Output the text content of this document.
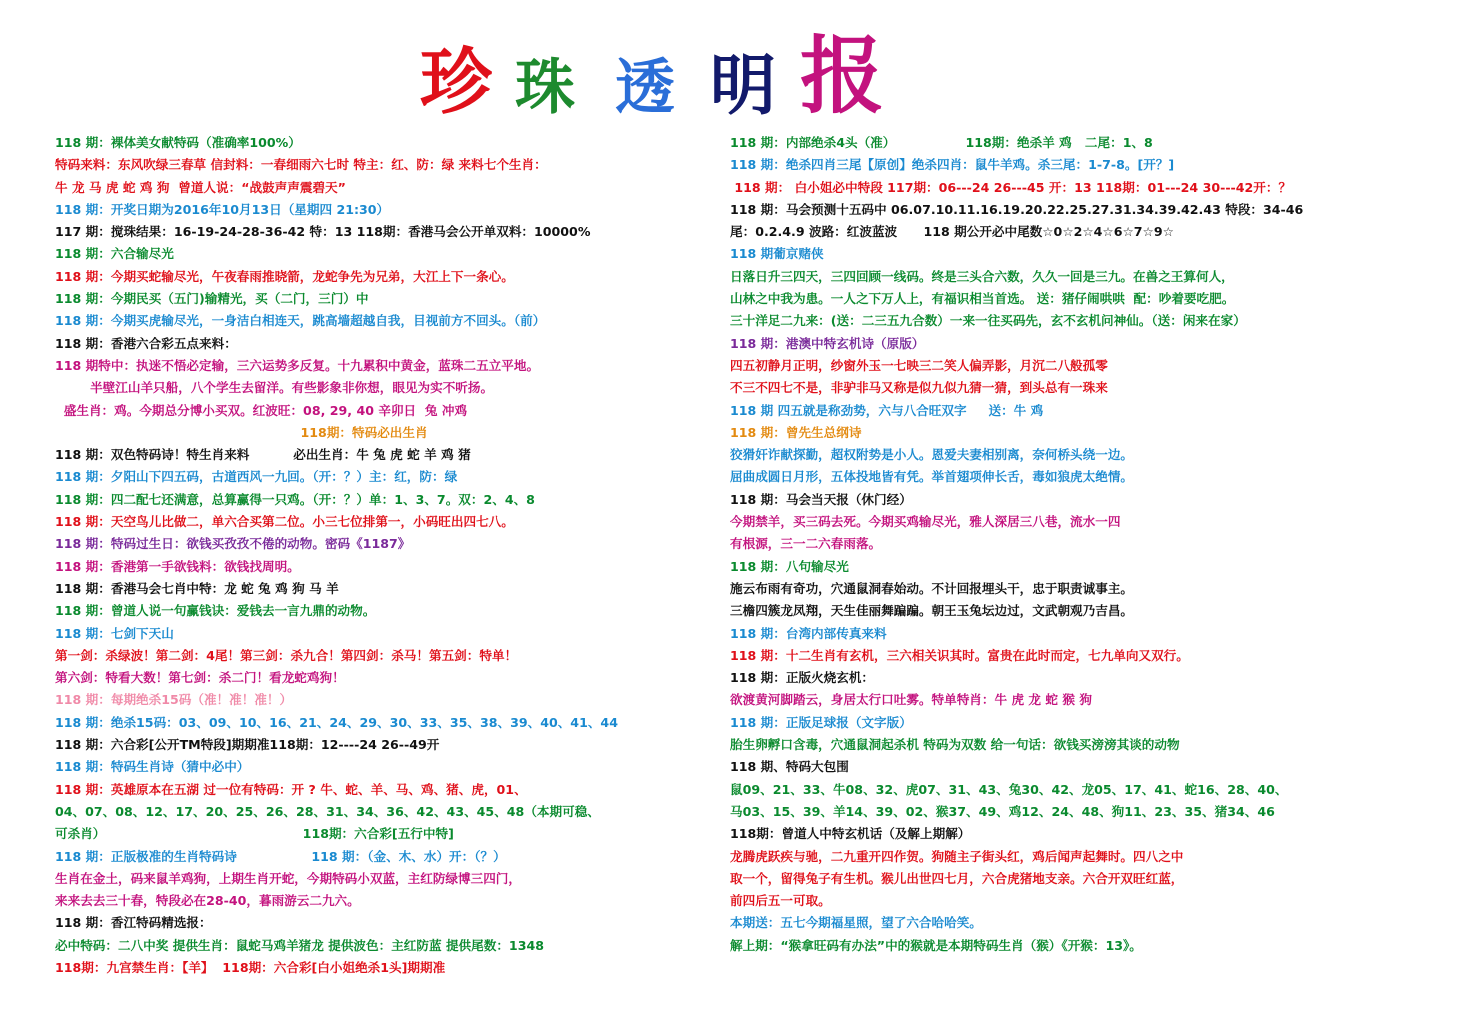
珍 珠 透 明 报
118 期：裸体美女献特码（准确率100%）
特码来料：东风吹绿三春草 信封料：一春细雨六七时 特主：红、防：绿 来料七个生肖：
牛 龙 马 虎 蛇 鸡 狗  曾道人说：“战鼓声声震碧天”
118 期：开奖日期为2016年10月13日（星期四 21:30）
117 期：搅珠结果：16-19-24-28-36-42 特：13 118期：香港马会公开单双料：10000%
118 期：六合输尽光
118 期：今期买蛇输尽光，午夜春雨推晓箭，龙蛇争先为兄弟，大江上下一条心。
118 期：今期民买（五门)输精光，买（二门，三门）中
118 期：今期买虎输尽光，一身洁白相连天，跳高墙超越自我，目视前方不回头。（前）
118 期：香港六合彩五点来料：
118 期特中：执迷不悟必定输，三六运势多反复。十九累积中黄金，蓝珠二五立平地。
半壁江山羊只船，八个学生去留洋。有些影象非你想，眼见为实不听扬。
盛生肖：鸡。今期总分博小买双。红波旺：08, 29, 40 辛卯日  兔 冲鸡
118期：特码必出生肖
118 期：双色特码诗！特生肖来料          必出生肖：牛 兔 虎 蛇 羊 鸡 猪
118 期：夕阳山下四五码，古道西风一九回。（开：？）主：红，防：绿
118 期：四二配七还满意，总算赢得一只鸡。（开：？）单：1、3、7。双：2、4、8
118 期：天空鸟儿比做二，单六合买第二位。小三七位排第一，小码旺出四七八。
118 期：特码过生日：欲钱买孜孜不倦的动物。密码《1187》
118 期：香港第一手欲钱料：欲钱找周明。
118 期：香港马会七肖中特：龙 蛇 兔 鸡 狗 马 羊
118 期：曾道人说一句赢钱诀：爱钱去一言九鼎的动物。
118 期：七剑下天山
第一剑：杀绿波！第二剑：4尾！第三剑：杀九合！第四剑：杀马！第五剑：特单！
第六剑：特看大数！第七剑：杀二门！看龙蛇鸡狗！
118 期：每期绝杀15码（准！准！准！）
118 期：绝杀15码：03、09、10、16、21、24、29、30、33、35、38、39、40、41、44
118 期：六合彩[公开TM特段]期期准118期：12----24 26--49开
118 期：特码生肖诗（猜中必中）
118 期：英雄原本在五湖 过一位有特码：开 ? 牛、蛇、羊、马、鸡、猪、虎，01、
04、07、08、12、17、20、25、26、28、31、34、36、42、43、45、48（本期可稳、
可杀肖）                                             118期：六合彩[五行中特]
118 期：正版极准的生肖特码诗                 118 期：（金、木、水）开：（？）
生肖在金土，码来鼠羊鸡狗，上期生肖开蛇，今期特码小双蓝，主红防绿博三四门，
来来去去三十春，特段必在28-40，暮雨游云二九六。
118 期：香江特码精选报：
必中特码：二八中奖 提供生肖：鼠蛇马鸡羊猪龙 提供波色：主红防蓝 提供尾数：1348
118期：九宫禁生肖：【羊】  118期：六合彩[白小姐绝杀1头]期期准
118 期：内部绝杀4头（准）                118期：绝杀羊 鸡   二尾：1、8
118 期：绝杀四肖三尾【原创】绝杀四肖：鼠牛羊鸡。杀三尾：1-7-8。[开？]
118 期： 白小姐必中特段 117期：06---24 26---45 开：13 118期：01---24 30---42开：？
118 期：马会预测十五码中 06.07.10.11.16.19.20.22.25.27.31.34.39.42.43 特段：34-46
尾：0.2.4.9 波路：红波蓝波      118 期公开必中尾数☆0☆2☆4☆6☆7☆9☆
118 期葡京赌侠
日落日升三四天，三四回顾一线码。终是三头合六数，久久一回是三九。在兽之王算何人，
山林之中我为患。一人之下万人上，有福识相当首选。 送：猪仔闹哄哄  配：吵着要吃肥。
三十洋足二九来：(送：二三五九合数）一来一往买码先，玄不玄机问神仙。（送：闲来在家）
118 期：港澳中特玄机诗（原版）
四五初静月正明，纱窗外玉一七映三二笑人偏弄影，月沉二八般孤零
不三不四七不是，非驴非马又称是似九似九猜一猜，到头总有一珠来
118 期 四五就是称劲势，六与八合旺双字     送：牛 鸡
118 期：曾先生总纲诗
狡猾奸诈献探勤，超权附势是小人。恩爱夫妻相别离，奈何桥头绕一边。
屈曲成圆日月形，五体投地皆有凭。举首翅项伸长舌，毒如狼虎太绝情。
118 期：马会当天报（休门经）
今期禁羊，买三码去死。今期买鸡输尽光，雅人深居三八巷，流水一四
有根源，三一二六春雨落。
118 期：八句输尽光
施云布雨有奇功，穴通鼠洞春始动。不计回报埋头干，忠于职责诚事主。
三檐四簇龙凤翔，天生佳丽舞蹁蹁。朝王玉兔坛边过，文武朝观乃吉昌。
118 期：台湾内部传真来料
118 期：十二生肖有玄机，三六相关识其时。富贵在此时而定，七九单向又双行。
118 期：正版火烧玄机：
欲渡黄河脚踏云，身居太行口吐雾。特单特肖：牛 虎 龙 蛇 猴 狗
118 期：正版足球报（文字版）
胎生卵孵口含毒，穴通鼠洞起杀机 特码为双数 给一句话：欲钱买滂滂其谈的动物
118 期、特码大包围
鼠09、21、33、牛08、32、虎07、31、43、兔30、42、龙05、17、41、蛇16、28、40、
马03、15、39、羊14、39、02、猴37、49、鸡12、24、48、狗11、23、35、猪34、46
118期：曾道人中特玄机话（及解上期解）
龙腾虎跃疾与驰，二九重开四作贺。狗随主子街头红，鸡后闻声起舞时。四八之中
取一个，留得兔子有生机。猴儿出世四七月，六合虎猪地支亲。六合开双旺红蓝，
前四后五一可取。
本期送：五七今期福星照，望了六合哈哈笑。
解上期：“猴拿旺码有办法”中的猴就是本期特码生肖（猴）《开猴：13》。
